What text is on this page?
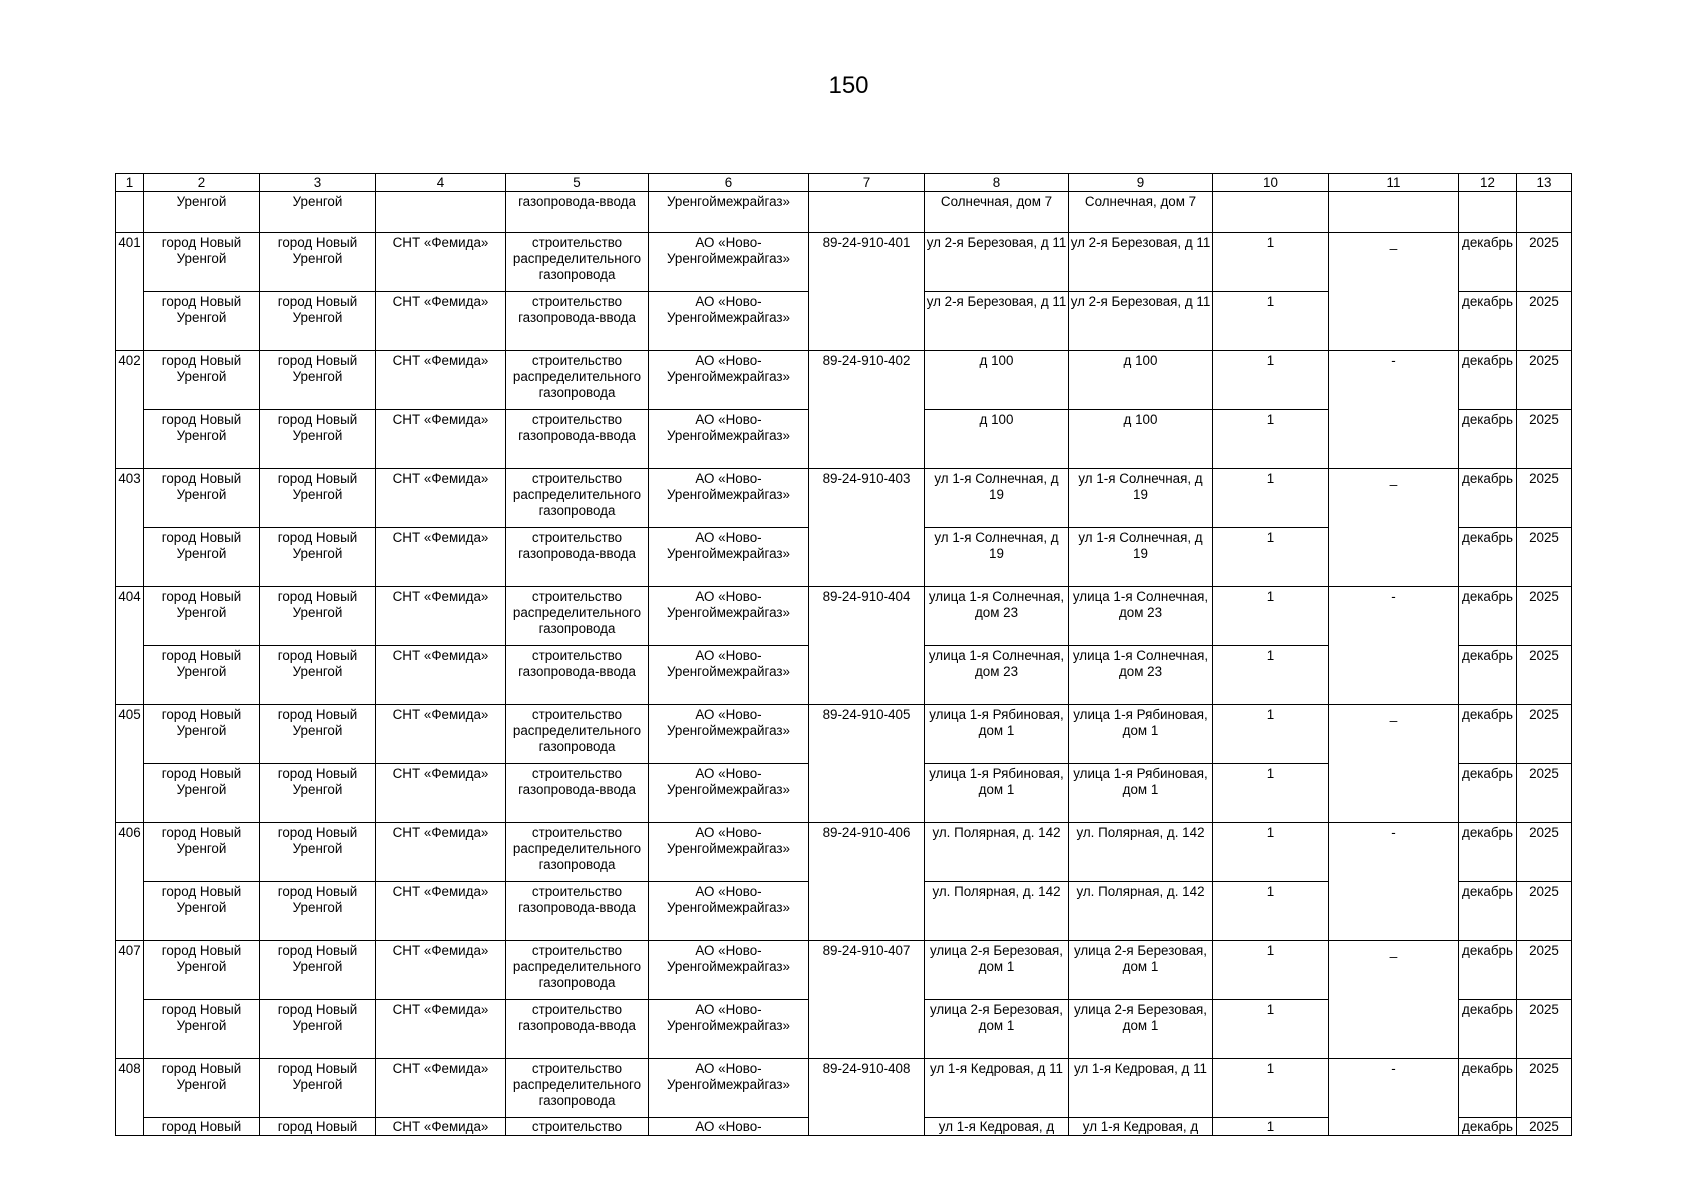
150
1	2	3	4	5	6	7	8	9	10	11	12	13
	Уренгой	Уренгой		газопровода-ввода	Уренгоймежрайгаз»		Солнечная, дом 7	Солнечная, дом 7				
401	город Новый Уренгой	город Новый Уренгой	СНТ «Фемида»	строительство распределительного газопровода	АО «Ново-Уренгоймежрайгаз»	89-24-910-401	ул 2-я Березовая, д 11	ул 2-я Березовая, д 11	1	_	декабрь	2025
	город Новый Уренгой	город Новый Уренгой	СНТ «Фемида»	строительство газопровода-ввода	АО «Ново-Уренгоймежрайгаз»		ул 2-я Березовая, д 11	ул 2-я Березовая, д 11	1		декабрь	2025
402	город Новый Уренгой	город Новый Уренгой	СНТ «Фемида»	строительство распределительного газопровода	АО «Ново-Уренгоймежрайгаз»	89-24-910-402	д 100	д 100	1	-	декабрь	2025
	город Новый Уренгой	город Новый Уренгой	СНТ «Фемида»	строительство газопровода-ввода	АО «Ново-Уренгоймежрайгаз»		д 100	д 100	1		декабрь	2025
403	город Новый Уренгой	город Новый Уренгой	СНТ «Фемида»	строительство распределительного газопровода	АО «Ново-Уренгоймежрайгаз»	89-24-910-403	ул 1-я Солнечная, д 19	ул 1-я Солнечная, д 19	1	_	декабрь	2025
	город Новый Уренгой	город Новый Уренгой	СНТ «Фемида»	строительство газопровода-ввода	АО «Ново-Уренгоймежрайгаз»		ул 1-я Солнечная, д 19	ул 1-я Солнечная, д 19	1		декабрь	2025
404	город Новый Уренгой	город Новый Уренгой	СНТ «Фемида»	строительство распределительного газопровода	АО «Ново-Уренгоймежрайгаз»	89-24-910-404	улица 1-я Солнечная, дом 23	улица 1-я Солнечная, дом 23	1	-	декабрь	2025
	город Новый Уренгой	город Новый Уренгой	СНТ «Фемида»	строительство газопровода-ввода	АО «Ново-Уренгоймежрайгаз»		улица 1-я Солнечная, дом 23	улица 1-я Солнечная, дом 23	1		декабрь	2025
405	город Новый Уренгой	город Новый Уренгой	СНТ «Фемида»	строительство распределительного газопровода	АО «Ново-Уренгоймежрайгаз»	89-24-910-405	улица 1-я Рябиновая, дом 1	улица 1-я Рябиновая, дом 1	1	_	декабрь	2025
	город Новый Уренгой	город Новый Уренгой	СНТ «Фемида»	строительство газопровода-ввода	АО «Ново-Уренгоймежрайгаз»		улица 1-я Рябиновая, дом 1	улица 1-я Рябиновая, дом 1	1		декабрь	2025
406	город Новый Уренгой	город Новый Уренгой	СНТ «Фемида»	строительство распределительного газопровода	АО «Ново-Уренгоймежрайгаз»	89-24-910-406	ул. Полярная, д. 142	ул. Полярная, д. 142	1	-	декабрь	2025
	город Новый Уренгой	город Новый Уренгой	СНТ «Фемида»	строительство газопровода-ввода	АО «Ново-Уренгоймежрайгаз»		ул. Полярная, д. 142	ул. Полярная, д. 142	1		декабрь	2025
407	город Новый Уренгой	город Новый Уренгой	СНТ «Фемида»	строительство распределительного газопровода	АО «Ново-Уренгоймежрайгаз»	89-24-910-407	улица 2-я Березовая, дом 1	улица 2-я Березовая, дом 1	1	_	декабрь	2025
	город Новый Уренгой	город Новый Уренгой	СНТ «Фемида»	строительство газопровода-ввода	АО «Ново-Уренгоймежрайгаз»		улица 2-я Березовая, дом 1	улица 2-я Березовая, дом 1	1		декабрь	2025
408	город Новый Уренгой	город Новый Уренгой	СНТ «Фемида»	строительство распределительного газопровода	АО «Ново-Уренгоймежрайгаз»	89-24-910-408	ул 1-я Кедровая, д 11	ул 1-я Кедровая, д 11	1	-	декабрь	2025
	город Новый	город Новый	СНТ «Фемида»	строительство	АО «Ново-		ул 1-я Кедровая, д	ул 1-я Кедровая, д	1		декабрь	2025
